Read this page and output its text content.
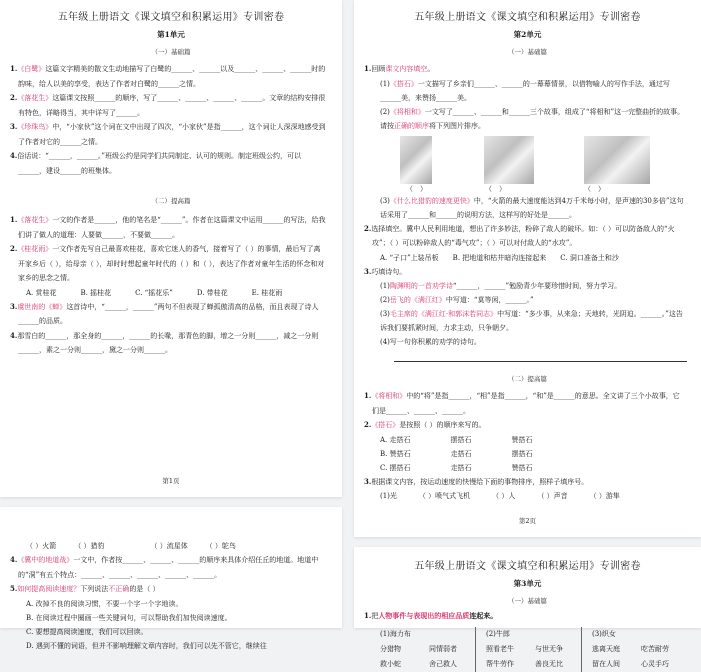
五年级上册语文《课文填空和积累运用》专训密卷
第1单元
（一）基础篇
1.《白鹭》这篇文字精美的散文生动地描写了白鹭的______、______以及______、______、______时的韵味，给人以美的享受，表达了作者对白鹭的______之情。
2.《落花生》这篇课文按照______的顺序，写了______、______、______、______。文章的结构安排很有特色，详略得当，其中详写了______。
3.《珍珠鸟》中，“小家伙”这个词在文中出现了四次，“小家伙”是指______，这个词让人深深地感受到了作者对它的______之情。
4.俗话说：“______，______。”班级公约是同学们共同制定、认可的规则。制定班级公约，可以______，建设______的班集体。
（二）提高篇
1.《落花生》一文的作者是______，他的笔名是“______”。作者在这篇课文中运用______的写法，给我们讲了做人的道理：人要做______，不要做______。
2.《桂花雨》一文作者先写自己最喜欢桂花，喜欢它迷人的香气，接着写了（ ）的事情，最后写了离开家乡后（ ），给母亲（ ），却时时想起童年时代的（ ）和（ ），表达了作者对童年生活的怀念和对家乡的思念之情。
A. 赏桂花	B. 摇桂花	C. “摇花乐”	D. 带桂花	E. 桂花雨
3.虞世南的《蝉》这首诗中，“______，______”两句不但表现了蝉孤傲清高的品格，而且表现了诗人______的品质。
4.那雪白的______，那全身的______，______的长喙，那青色的脚，增之一分则______，减之一分则______，素之一分则______，黛之一分则______。
第1页
五年级上册语文《课文填空和积累运用》专训密卷
第2单元
（一）基础篇
1.回顾课文内容填空。
(1)《搭石》一文描写了乡亲们______、______的一幕幕情景，以借物喻人的写作手法，通过写______美，来赞扬______美。
(2)《将相和》一文写了______、______和______三个故事，组成了“将相和”这一完整曲折的故事。请按正确的顺序将下列图片排序。
（　）	（　）	（　）
(3)《什么比猎豹的速度更快》中，“火箭的最大速度能达到4万千米每小时，是声速的30多倍”这句话采用了______和______的说明方法，这样写的好处是______。
2.选择填空。冀中人民利用地道，想出了许多妙法，粉碎了敌人的破坏。如：（ ）可以防备敌人的“火攻”；（ ）可以粉碎敌人的“毒气攻”；（ ）可以对付敌人的“水攻”。
A. “孑口”上装吊板 B. 把地道和枯井暗沟连接起来 C. 洞口准备土和沙
3.巧填诗句。
(1)陶渊明的一首劝学诗“______，______”勉励青少年要珍惜时间，努力学习。
(2)岳飞的《满江红》中写道：“莫等闲，______。”
(3)毛主席的《满江红·和郭沫若同志》中写道：“多少事，从来急；天地转，光阴迫。______。”这告诉我们要抓紧时间，力求主动，只争朝夕。
(4)写一句你积累的劝学的诗句。
（二）提高篇
1.《将相和》中的“将”是指______，“相”是指______，“和”是______的意思。全文讲了三个小故事，它们是______、______、______。
2.《搭石》是按照（ ）的顺序来写的。
A. 走搭石	摆搭石	赞搭石
B. 赞搭石	走搭石	摆搭石
C. 摆搭石	走搭石	赞搭石
3.根据课文内容，按运动速度的快慢给下面的事物排序，照样子填序号。
(1)光	（ ）喷气式飞机	（ ）人	（ ）声音	（ ）游隼
第2页
（ ）火箭	（ ）猎豹	（ ）流星体	（ ）鸵鸟
4.《冀中的地道战》一文中，作者按______、______、______的顺序来具体介绍任丘的地道。地道中的“洞”有五个特点：______、______、______、______、______。
5.如何提高阅读速度？下列说法不正确的是（ ）
A. 改掉不良的阅读习惯，不要一个字一个字地读。
B. 在阅读过程中圈画一些关键词句，可以帮助我们加快阅读速度。
C. 要想提高阅读速度，我们可以回读。
D. 遇到不懂的词语，但并不影响理解文章内容时，我们可以先不管它，继续往
五年级上册语文《课文填空和积累运用》专训密卷
第3单元
（一）基础篇
1.把人物事件与表现出的相应品质连起来。
(1)海力布
分猎物	同情弱者
救小蛇	舍己救人
(2)牛郎
照看老牛	与世无争
帮牛劳作	善良无比
(3)织女
逃离天庭	吃苦耐劳
留在人间	心灵手巧
